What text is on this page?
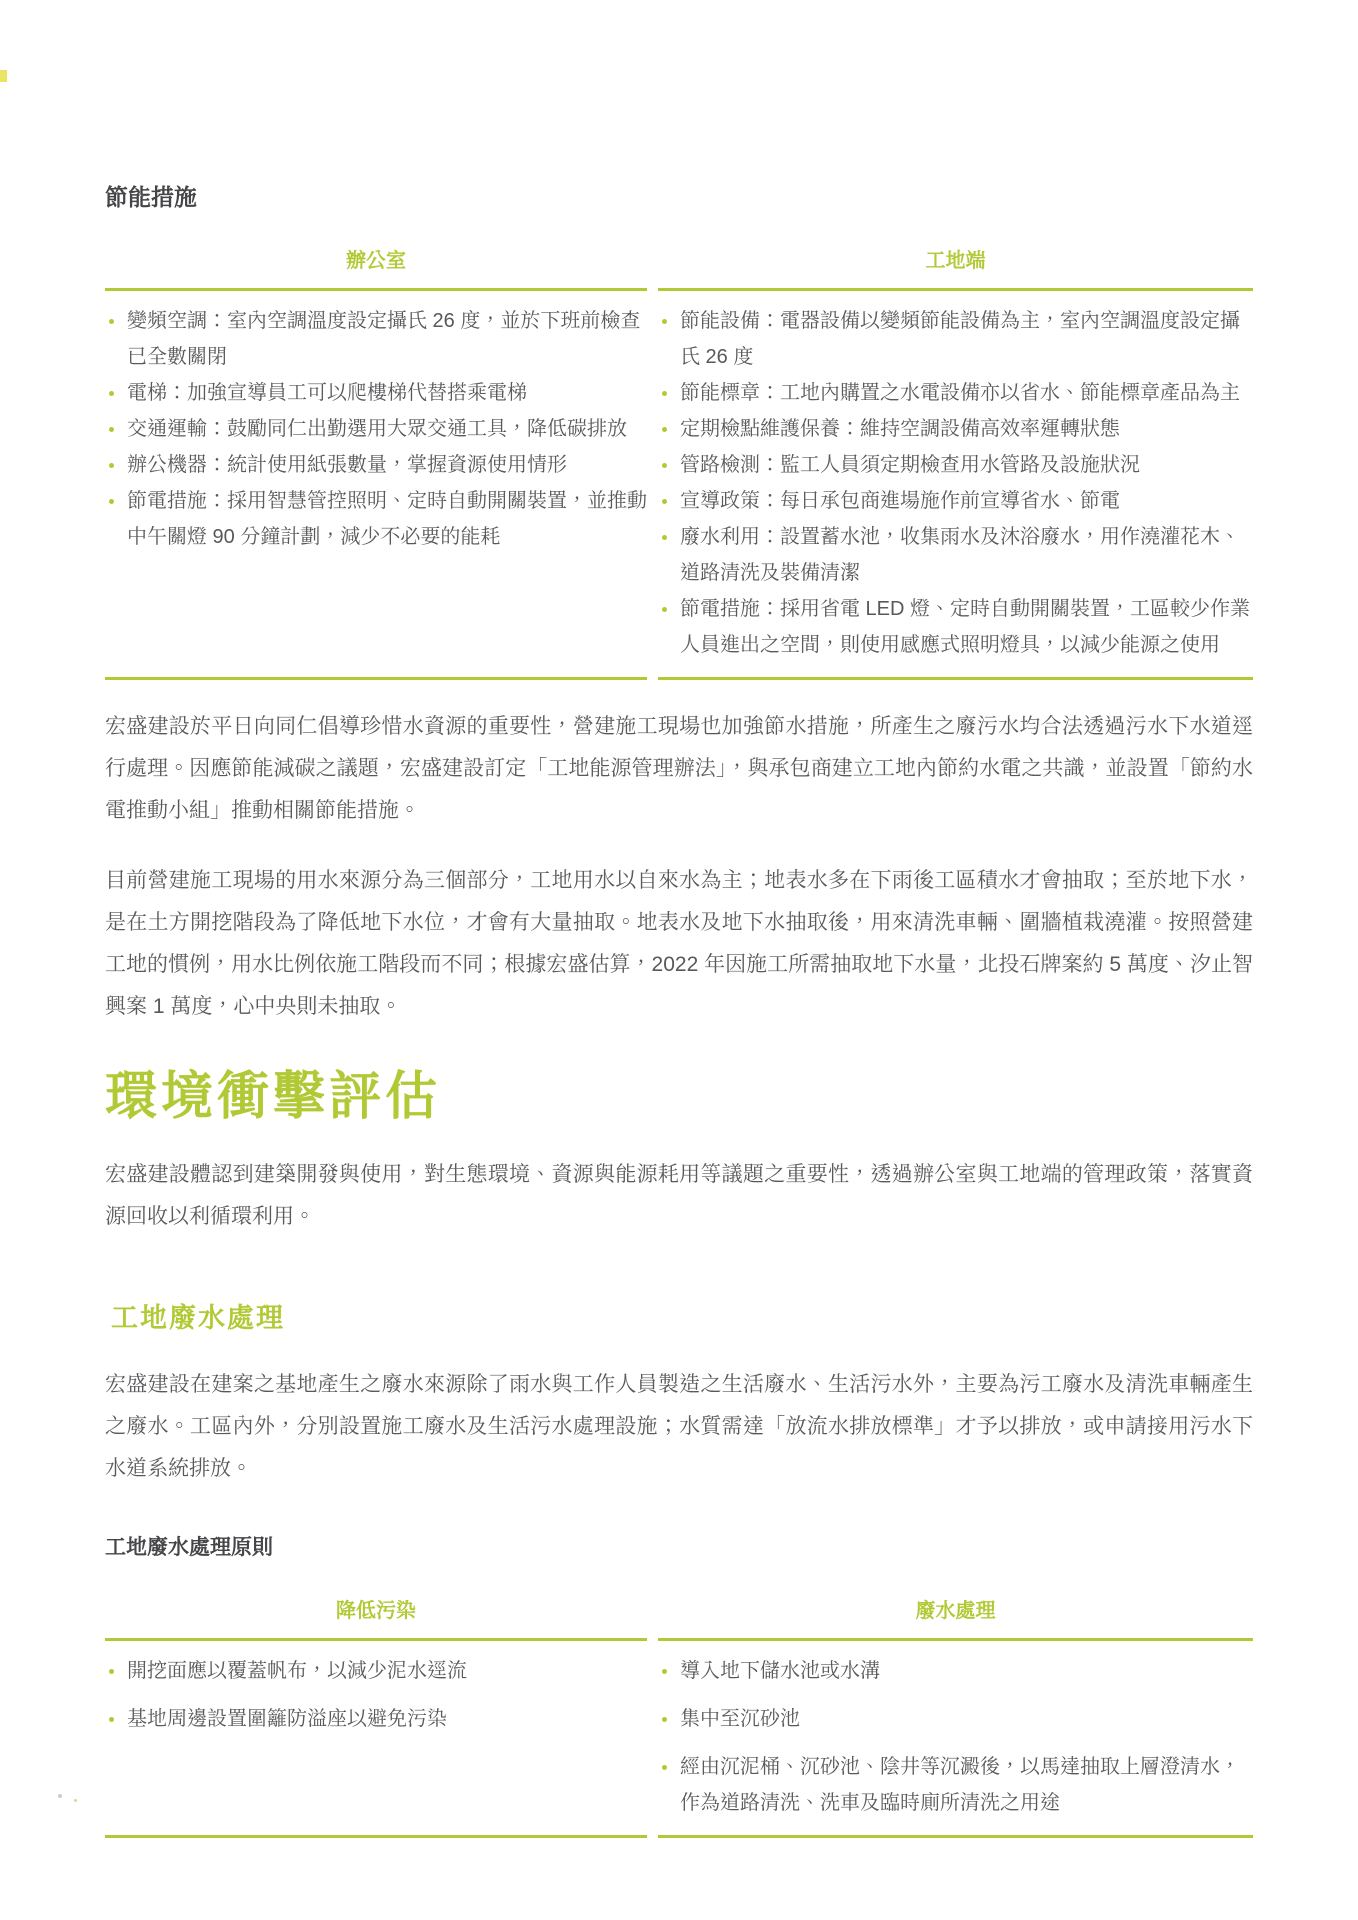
節能措施
辦公室
變頻空調：室內空調溫度設定攝氏 26 度，並於下班前檢查已全數關閉
電梯：加強宣導員工可以爬樓梯代替搭乘電梯
交通運輸：鼓勵同仁出勤選用大眾交通工具，降低碳排放
辦公機器：統計使用紙張數量，掌握資源使用情形
節電措施：採用智慧管控照明、定時自動開關裝置，並推動中午關燈 90 分鐘計劃，減少不必要的能耗
工地端
節能設備：電器設備以變頻節能設備為主，室內空調溫度設定攝氏 26 度
節能標章：工地內購置之水電設備亦以省水、節能標章產品為主
定期檢點維護保養：維持空調設備高效率運轉狀態
管路檢測：監工人員須定期檢查用水管路及設施狀況
宣導政策：每日承包商進場施作前宣導省水、節電
廢水利用：設置蓄水池，收集雨水及沐浴廢水，用作澆灌花木、道路清洗及裝備清潔
節電措施：採用省電 LED 燈、定時自動開關裝置，工區較少作業人員進出之空間，則使用感應式照明燈具，以減少能源之使用

宏盛建設於平日向同仁倡導珍惜水資源的重要性，營建施工現場也加強節水措施，所產生之廢污水均合法透過污水下水道逕行處理。因應節能減碳之議題，宏盛建設訂定「工地能源管理辦法」，與承包商建立工地內節約水電之共識，並設置「節約水電推動小組」推動相關節能措施。

目前營建施工現場的用水來源分為三個部分，工地用水以自來水為主；地表水多在下雨後工區積水才會抽取；至於地下水，是在土方開挖階段為了降低地下水位，才會有大量抽取。地表水及地下水抽取後，用來清洗車輛、圍牆植栽澆灌。按照營建工地的慣例，用水比例依施工階段而不同；根據宏盛估算，2022 年因施工所需抽取地下水量，北投石牌案約 5 萬度、汐止智興案 1 萬度，心中央則未抽取。

環境衝擊評估

宏盛建設體認到建築開發與使用，對生態環境、資源與能源耗用等議題之重要性，透過辦公室與工地端的管理政策，落實資源回收以利循環利用。

工地廢水處理

宏盛建設在建案之基地產生之廢水來源除了雨水與工作人員製造之生活廢水、生活污水外，主要為污工廢水及清洗車輛產生之廢水。工區內外，分別設置施工廢水及生活污水處理設施；水質需達「放流水排放標準」才予以排放，或申請接用污水下水道系統排放。

工地廢水處理原則
降低污染
開挖面應以覆蓋帆布，以減少泥水逕流
基地周邊設置圍籬防溢座以避免污染
廢水處理
導入地下儲水池或水溝
集中至沉砂池
經由沉泥桶、沉砂池、陰井等沉澱後，以馬達抽取上層澄清水，作為道路清洗、洗車及臨時廁所清洗之用途
